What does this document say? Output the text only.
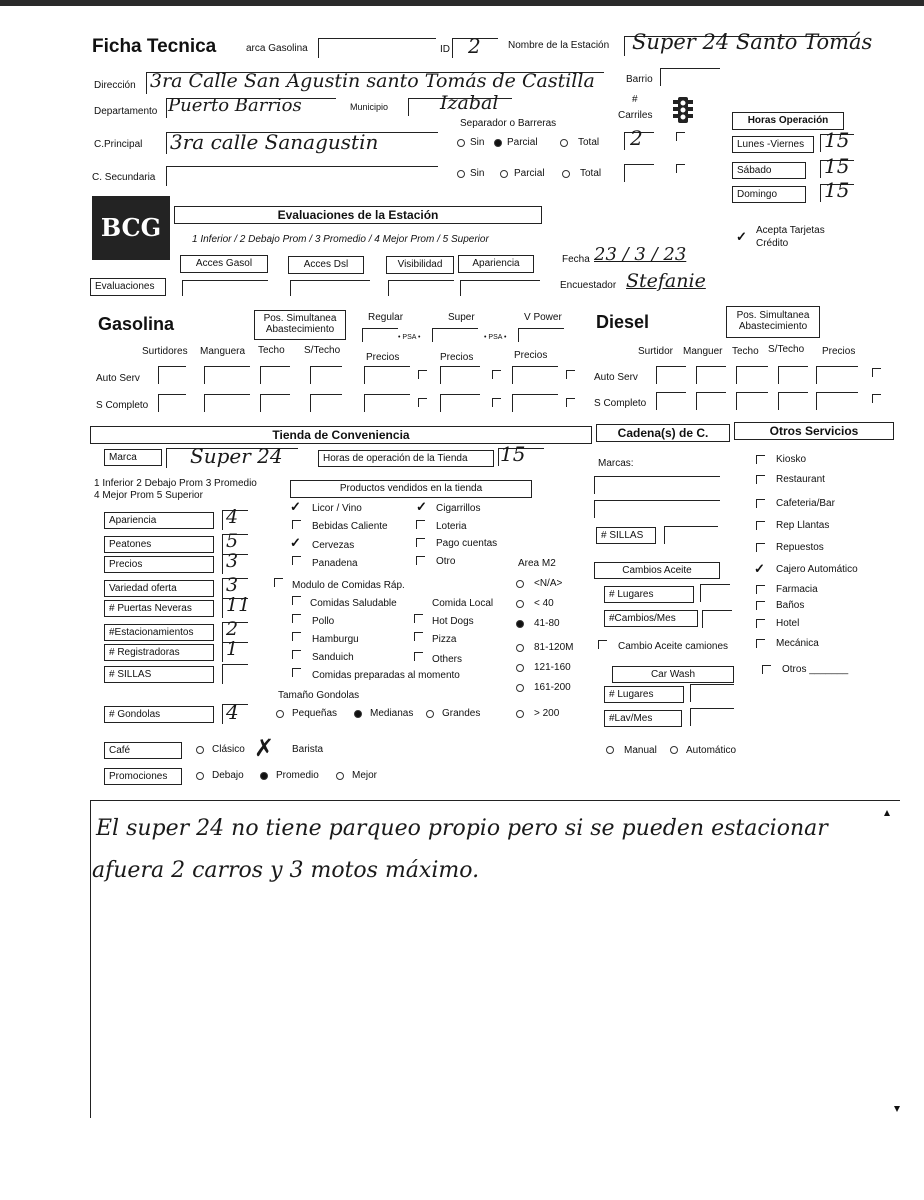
Ficha Tecnica	arca Gasolina	ID 2	Nombre de la Estación Super 24 Santo Tomás
Dirección 3ra Calle San Agustin santo Tomás de Castilla	Barrio
Departamento Puerto Barrios	Municipio	Izabal
Separador o Barreras
#
Carriles	Horas Operación
C.Principal 3ra calle Sanagustin	Sin Parcial	Total 2	Lunes -Viernes 15
C. Secundaria	Sin	Parcial	Total	Sábado	15
Domingo	15
BCG	Evaluaciones de la Estación
1 Inferior / 2 Debajo Prom / 3 Promedio / 4 Mejor Prom / 5 Superior
Acces Gasol	Acces Dsl	Visibilidad	Apariencia
Evaluaciones
Fecha 23 / 3 / 23
Encuestador Stefanie
✓ Acepta Tarjetas
Crédito
Gasolina	Pos. Simultanea
Abastecimiento
Regular	Super	V Power
• PSA •	• PSA •
Surtidores Manguera Techo S/Techo
Precios	Precios	Precios
Auto Serv
S Completo
Diesel	Pos. Simultanea
Abastecimiento
Surtidor Manguer Techo S/Techo Precios
Auto Serv
S Completo
Tienda de Conveniencia	Cadena(s) de C.	Otros Servicios
Marca	Super 24	Horas de operación de la Tienda	15
1 Inferior 2 Debajo Prom 3 Promedio
4 Mejor Prom 5 Superior
Productos vendidos en la tienda
Apariencia	4
Peatones	5
Precios	3
Variedad oferta	3
# Puertas Neveras	11
#Estacionamientos	2
# Registradoras	1
# SILLAS
# Gondolas	4
✓ Licor / Vino	✓ Cigarrillos
Bebidas Caliente	Loteria
✓ Cervezas	Pago cuentas
Panadena	Otro
Modulo de Comidas Ráp.
Comidas Saludable	Comida Local
Pollo	Hot Dogs
Hamburgu	Pizza
Sanduich	Others
Comidas preparadas al momento
Tamaño Gondolas
Pequeñas	Medianas	Grandes
Area M2
<N/A>
< 40
41-80
81-120M
121-160
161-200
> 200
Café	Clásico ✗ Barista
Promociones	Debajo	Promedio	Mejor
Marcas:
# SILLAS
Cambios Aceite
# Lugares
#Cambios/Mes
Cambio Aceite camiones
Car Wash
# Lugares
#Lav/Mes
Manual	Automático
Kiosko
Restaurant
Cafeteria/Bar
Rep Llantas
Repuestos
✓ Cajero Automático
Farmacia
Baños
Hotel
Mecánica
Otros _______
El super 24 no tiene parqueo propio pero si se pueden estacionar
afuera 2 carros y 3 motos máximo.
